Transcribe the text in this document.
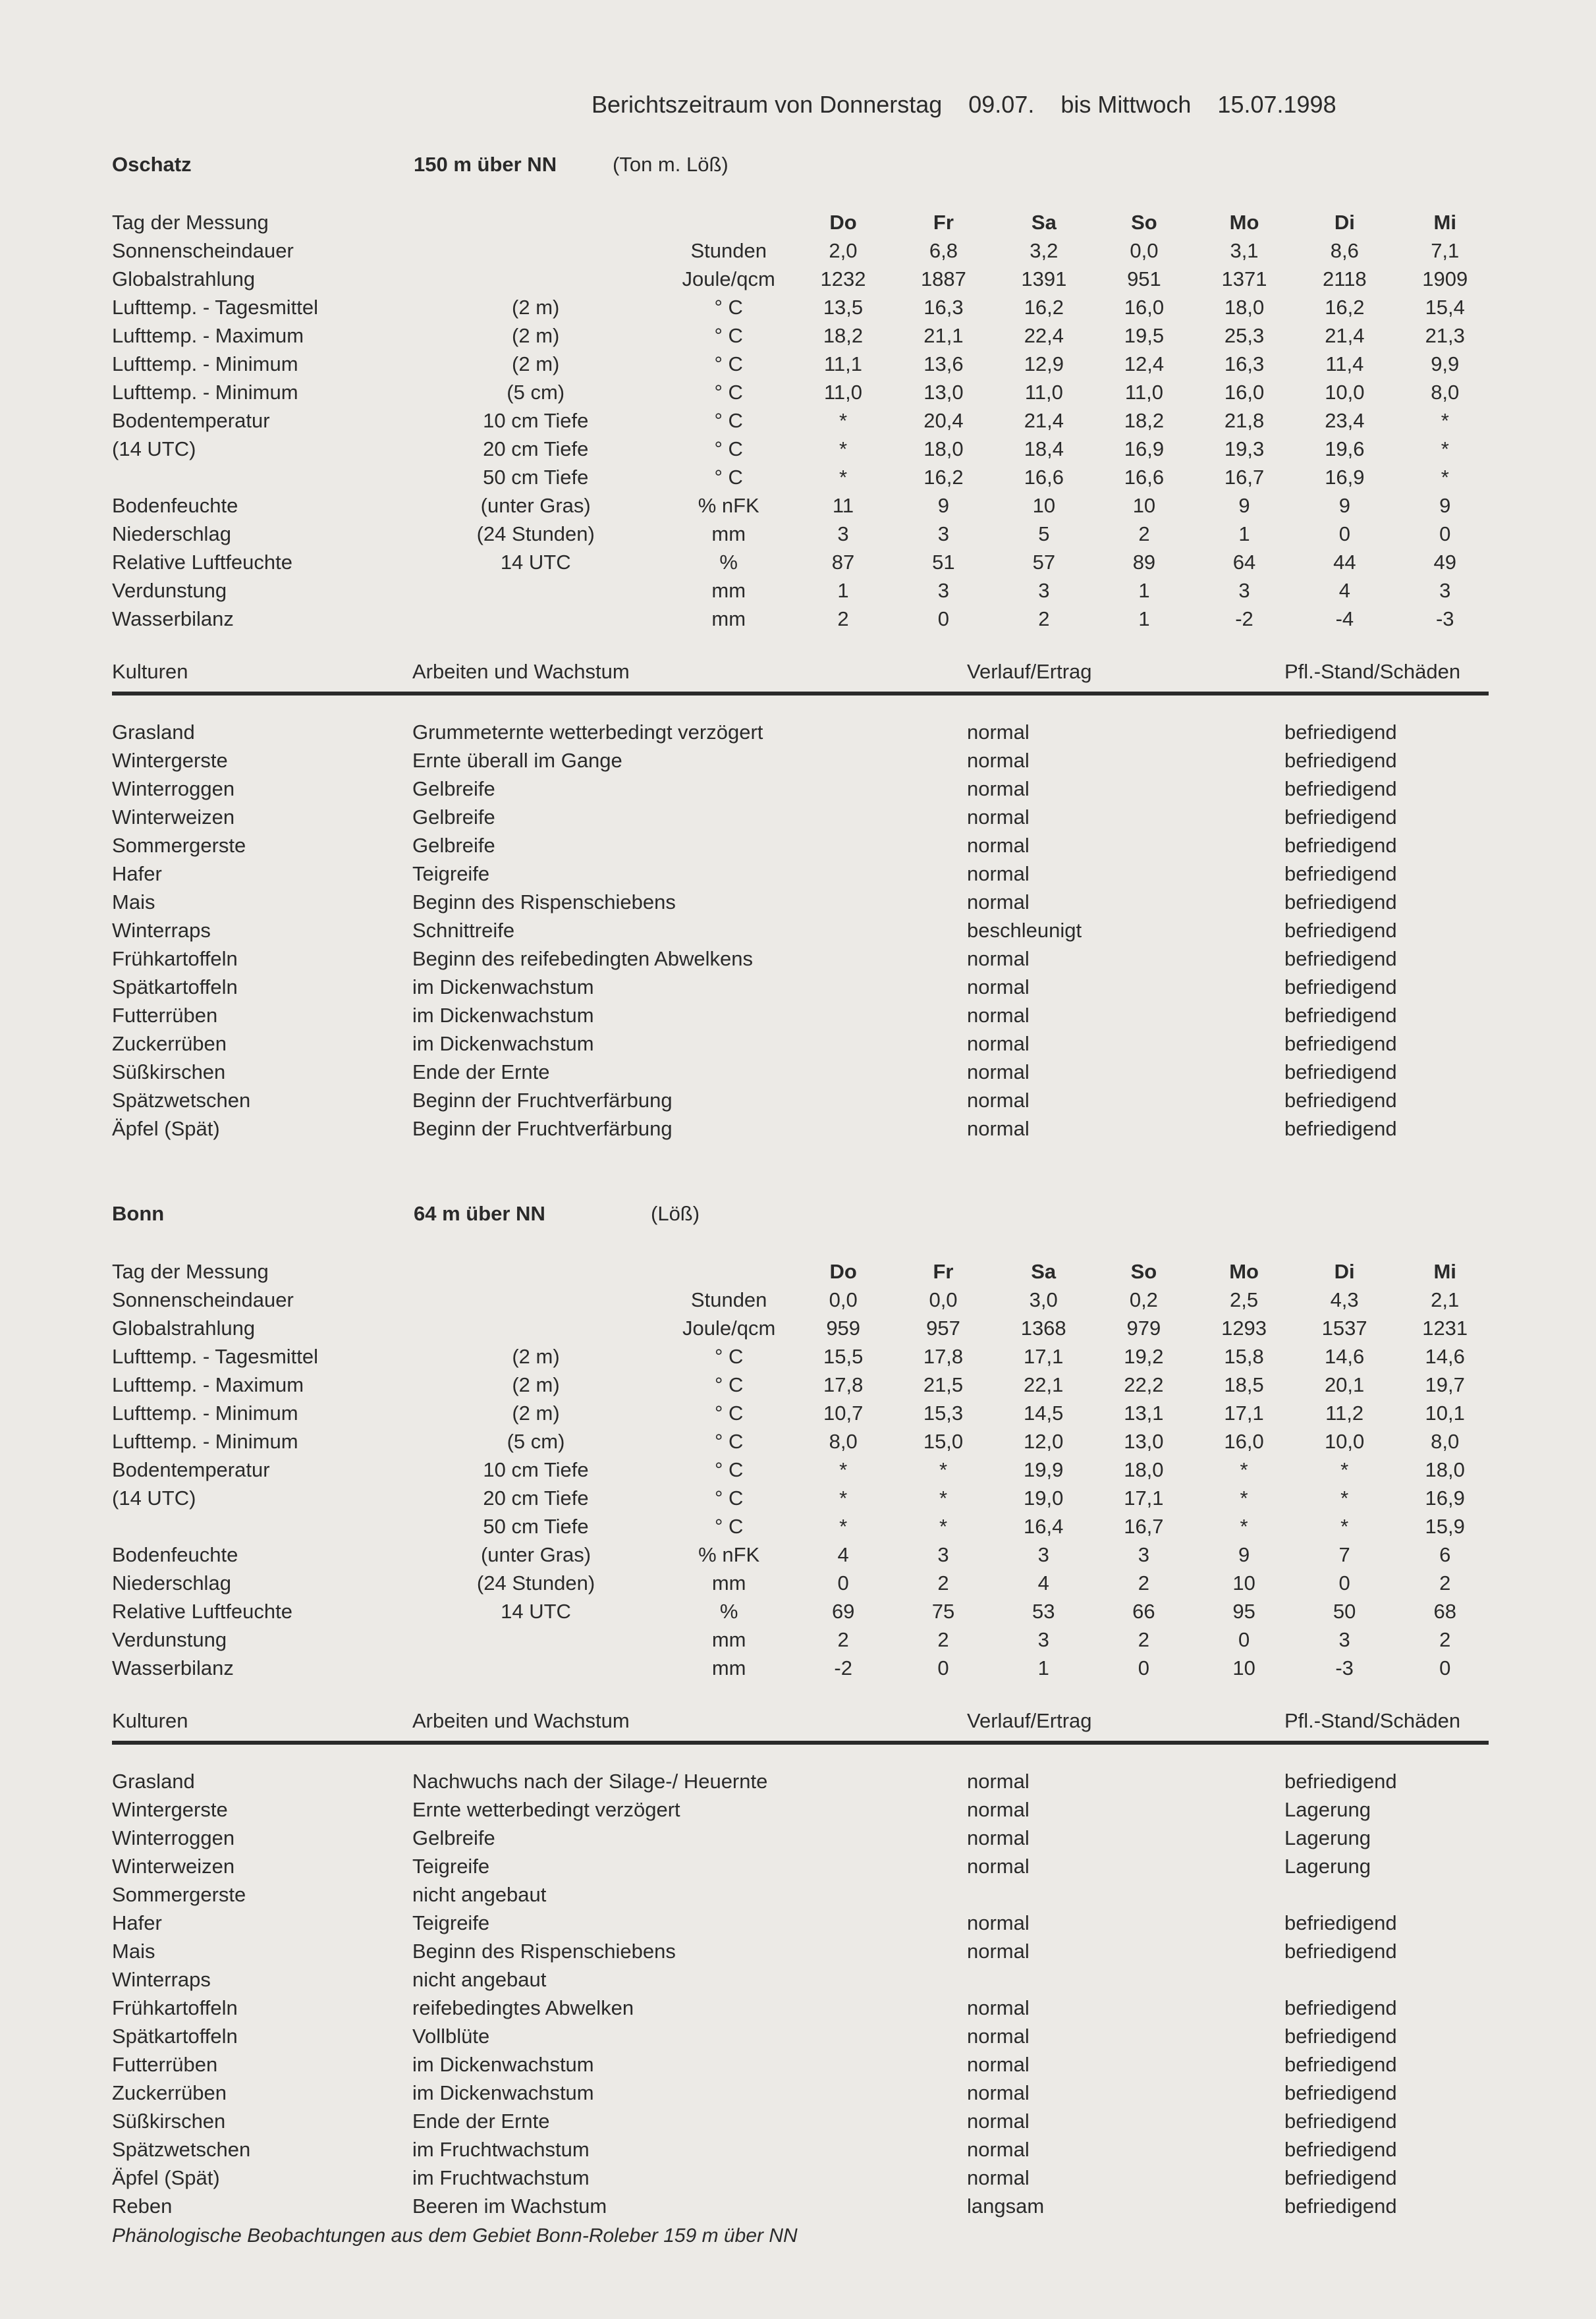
Berichtszeitraum von Donnerstag 09.07. bis Mittwoch 15.07.1998

Oschatz	150 m über NN	(Ton m. Löß)
Tag der Messung			Do	Fr	Sa	So	Mo	Di	Mi
Sonnenscheindauer		Stunden	2,0	6,8	3,2	0,0	3,1	8,6	7,1
Globalstrahlung		Joule/qcm	1232	1887	1391	951	1371	2118	1909
Lufttemp. - Tagesmittel	(2 m)	° C	13,5	16,3	16,2	16,0	18,0	16,2	15,4
Lufttemp. - Maximum	(2 m)	° C	18,2	21,1	22,4	19,5	25,3	21,4	21,3
Lufttemp. - Minimum	(2 m)	° C	11,1	13,6	12,9	12,4	16,3	11,4	9,9
Lufttemp. - Minimum	(5 cm)	° C	11,0	13,0	11,0	11,0	16,0	10,0	8,0
Bodentemperatur	10 cm Tiefe	° C	*	20,4	21,4	18,2	21,8	23,4	*
(14 UTC)	20 cm Tiefe	° C	*	18,0	18,4	16,9	19,3	19,6	*
	50 cm Tiefe	° C	*	16,2	16,6	16,6	16,7	16,9	*
Bodenfeuchte	(unter Gras)	% nFK	11	9	10	10	9	9	9
Niederschlag	(24 Stunden)	mm	3	3	5	2	1	0	0
Relative Luftfeuchte	14 UTC	%	87	51	57	89	64	44	49
Verdunstung		mm	1	3	3	1	3	4	3
Wasserbilanz		mm	2	0	2	1	-2	-4	-3
Kulturen	Arbeiten und Wachstum	Verlauf/Ertrag	Pfl.-Stand/Schäden
Grasland	Grummeternte wetterbedingt verzögert	normal	befriedigend
Wintergerste	Ernte überall im Gange	normal	befriedigend
Winterroggen	Gelbreife	normal	befriedigend
Winterweizen	Gelbreife	normal	befriedigend
Sommergerste	Gelbreife	normal	befriedigend
Hafer	Teigreife	normal	befriedigend
Mais	Beginn des Rispenschiebens	normal	befriedigend
Winterraps	Schnittreife	beschleunigt	befriedigend
Frühkartoffeln	Beginn des reifebedingten Abwelkens	normal	befriedigend
Spätkartoffeln	im Dickenwachstum	normal	befriedigend
Futterrüben	im Dickenwachstum	normal	befriedigend
Zuckerrüben	im Dickenwachstum	normal	befriedigend
Süßkirschen	Ende der Ernte	normal	befriedigend
Spätzwetschen	Beginn der Fruchtverfärbung	normal	befriedigend
Äpfel (Spät)	Beginn der Fruchtverfärbung	normal	befriedigend
Bonn	64 m über NN	(Löß)
Tag der Messung			Do	Fr	Sa	So	Mo	Di	Mi
Sonnenscheindauer		Stunden	0,0	0,0	3,0	0,2	2,5	4,3	2,1
Globalstrahlung		Joule/qcm	959	957	1368	979	1293	1537	1231
Lufttemp. - Tagesmittel	(2 m)	° C	15,5	17,8	17,1	19,2	15,8	14,6	14,6
Lufttemp. - Maximum	(2 m)	° C	17,8	21,5	22,1	22,2	18,5	20,1	19,7
Lufttemp. - Minimum	(2 m)	° C	10,7	15,3	14,5	13,1	17,1	11,2	10,1
Lufttemp. - Minimum	(5 cm)	° C	8,0	15,0	12,0	13,0	16,0	10,0	8,0
Bodentemperatur	10 cm Tiefe	° C	*	*	19,9	18,0	*	*	18,0
(14 UTC)	20 cm Tiefe	° C	*	*	19,0	17,1	*	*	16,9
	50 cm Tiefe	° C	*	*	16,4	16,7	*	*	15,9
Bodenfeuchte	(unter Gras)	% nFK	4	3	3	3	9	7	6
Niederschlag	(24 Stunden)	mm	0	2	4	2	10	0	2
Relative Luftfeuchte	14 UTC	%	69	75	53	66	95	50	68
Verdunstung		mm	2	2	3	2	0	3	2
Wasserbilanz		mm	-2	0	1	0	10	-3	0
Kulturen	Arbeiten und Wachstum	Verlauf/Ertrag	Pfl.-Stand/Schäden
Grasland	Nachwuchs nach der Silage-/ Heuernte	normal	befriedigend
Wintergerste	Ernte wetterbedingt verzögert	normal	Lagerung
Winterroggen	Gelbreife	normal	Lagerung
Winterweizen	Teigreife	normal	Lagerung
Sommergerste	nicht angebaut		
Hafer	Teigreife	normal	befriedigend
Mais	Beginn des Rispenschiebens	normal	befriedigend
Winterraps	nicht angebaut		
Frühkartoffeln	reifebedingtes Abwelken	normal	befriedigend
Spätkartoffeln	Vollblüte	normal	befriedigend
Futterrüben	im Dickenwachstum	normal	befriedigend
Zuckerrüben	im Dickenwachstum	normal	befriedigend
Süßkirschen	Ende der Ernte	normal	befriedigend
Spätzwetschen	im Fruchtwachstum	normal	befriedigend
Äpfel (Spät)	im Fruchtwachstum	normal	befriedigend
Reben	Beeren im Wachstum	langsam	befriedigend
Phänologische Beobachtungen aus dem Gebiet Bonn-Roleber 159 m über NN
